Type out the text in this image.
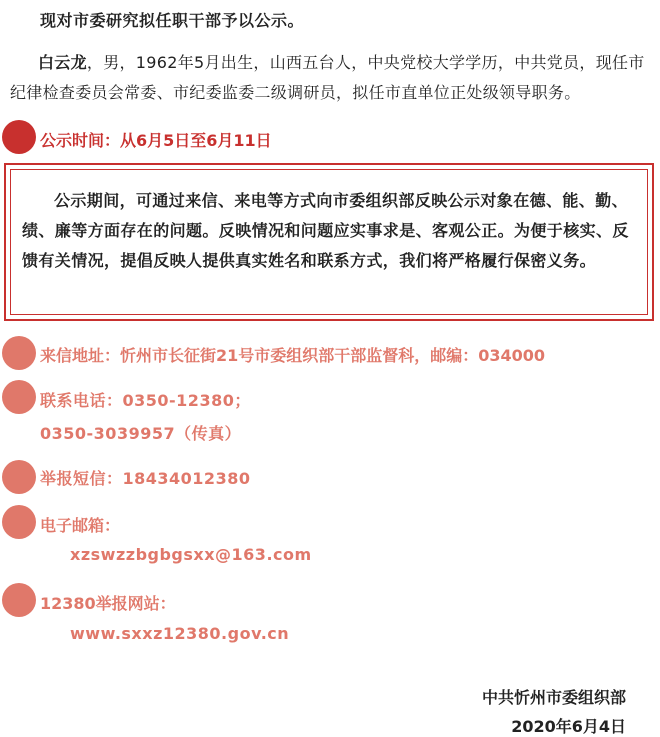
现对市委研究拟任职干部予以公示。
白云龙，男，1962年5月出生，山西五台人，中央党校大学学历，中共党员，现任市纪律检查委员会常委、市纪委监委二级调研员，拟任市直单位正处级领导职务。
公示时间：从6月5日至6月11日
公示期间，可通过来信、来电等方式向市委组织部反映公示对象在德、能、勤、绩、廉等方面存在的问题。反映情况和问题应实事求是、客观公正。为便于核实、反馈有关情况，提倡反映人提供真实姓名和联系方式，我们将严格履行保密义务。
来信地址：忻州市长征街21号市委组织部干部监督科，邮编：034000
联系电话：0350-12380；
0350-3039957（传真）
举报短信：18434012380
电子邮箱：
xzswzzbgbgsxx@163.com
12380举报网站：
www.sxxz12380.gov.cn
中共忻州市委组织部
2020年6月4日
